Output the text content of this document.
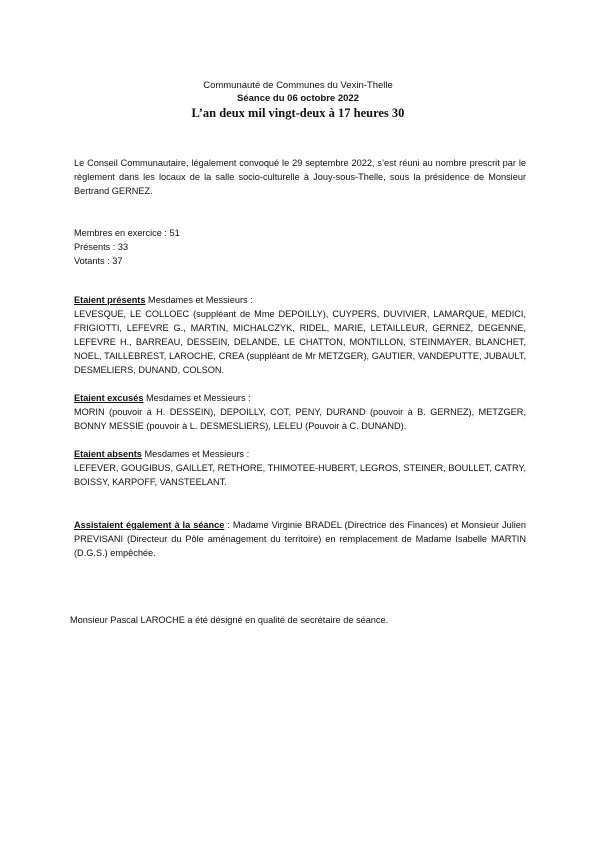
Communauté de Communes du Vexin-Thelle
Séance du 06 octobre 2022
L’an deux mil vingt-deux à 17 heures 30
Le Conseil Communautaire, légalement convoqué le 29 septembre 2022, s’est réuni au nombre prescrit par le règlement dans les locaux de la salle socio-culturelle à Jouy-sous-Thelle, sous la présidence de Monsieur Bertrand GERNEZ.
Membres en exercice : 51
Présents : 33
Votants : 37
Etaient présents Mesdames et Messieurs :
LEVESQUE, LE COLLOEC (suppléant de Mme DEPOILLY), CUYPERS, DUVIVIER, LAMARQUE, MEDICI, FRIGIOTTI, LEFEVRE G., MARTIN, MICHALCZYK, RIDEL, MARIE, LETAILLEUR, GERNEZ, DEGENNE, LEFEVRE H., BARREAU, DESSEIN, DELANDE, LE CHATTON, MONTILLON, STEINMAYER, BLANCHET, NOEL, TAILLEBREST, LAROCHE, CREA (suppléant de Mr METZGER), GAUTIER, VANDEPUTTE, JUBAULT, DESMELIERS, DUNAND, COLSON.
Etaient excusés Mesdames et Messieurs :
MORIN (pouvoir à H. DESSEIN), DEPOILLY, COT, PENY, DURAND (pouvoir à B. GERNEZ), METZGER, BONNY MESSIE (pouvoir à L. DESMESLIERS), LELEU (Pouvoir à C. DUNAND).
Etaient absents Mesdames et Messieurs :
LEFEVER, GOUGIBUS, GAILLET, RETHORE, THIMOTEE-HUBERT, LEGROS, STEINER, BOULLET, CATRY, BOISSY, KARPOFF, VANSTEELANT.
Assistaient également à la séance : Madame Virginie BRADEL (Directrice des Finances) et Monsieur Julien PREVISANI (Directeur du Pôle aménagement du territoire) en remplacement de Madame Isabelle MARTIN (D.G.S.) empêchée.
Monsieur Pascal LAROCHE a été désigné en qualité de secrétaire de séance.
